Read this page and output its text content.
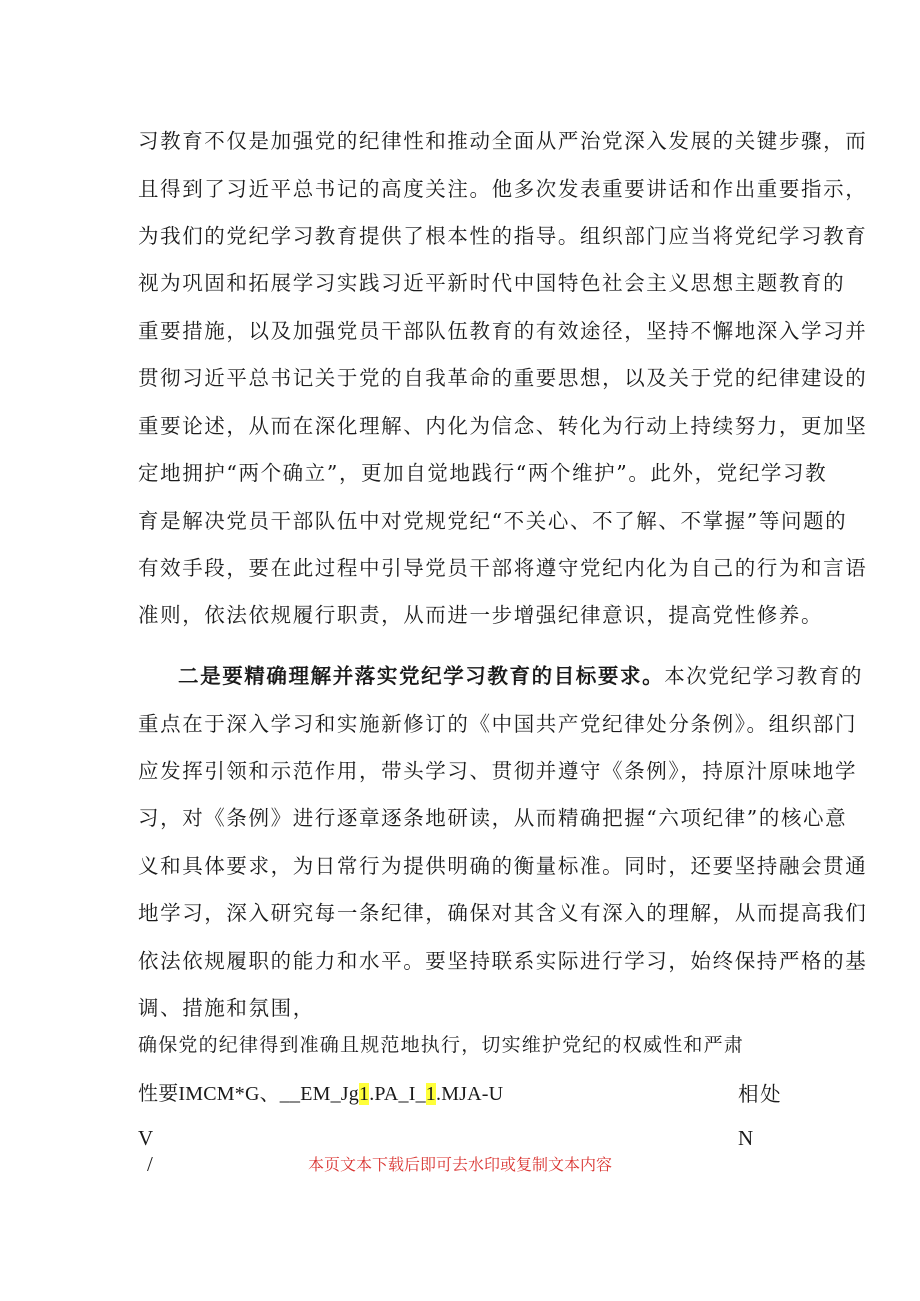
习教育不仅是加强党的纪律性和推动全面从严治党深入发展的关键步骤，而
且得到了习近平总书记的高度关注。他多次发表重要讲话和作出重要指示，
为我们的党纪学习教育提供了根本性的指导。组织部门应当将党纪学习教育
视为巩固和拓展学习实践习近平新时代中国特色社会主义思想主题教育的
重要措施，以及加强党员干部队伍教育的有效途径，坚持不懈地深入学习并
贯彻习近平总书记关于党的自我革命的重要思想，以及关于党的纪律建设的
重要论述，从而在深化理解、内化为信念、转化为行动上持续努力，更加坚
定地拥护“两个确立”，更加自觉地践行“两个维护”。此外，党纪学习教
育是解决党员干部队伍中对党规党纪“不关心、不了解、不掌握”等问题的
有效手段，要在此过程中引导党员干部将遵守党纪内化为自己的行为和言语
准则，依法依规履行职责，从而进一步增强纪律意识，提高党性修养。
二是要精确理解并落实党纪学习教育的目标要求。本次党纪学习教育的
重点在于深入学习和实施新修订的《中国共产党纪律处分条例》。组织部门
应发挥引领和示范作用，带头学习、贯彻并遵守《条例》，持原汁原味地学
习，对《条例》进行逐章逐条地研读，从而精确把握“六项纪律”的核心意
义和具体要求，为日常行为提供明确的衡量标准。同时，还要坚持融会贯通
地学习，深入研究每一条纪律，确保对其含义有深入的理解，从而提高我们
依法依规履职的能力和水平。要坚持联系实际进行学习，始终保持严格的基
调、措施和氛围，
确保党的纪律得到准确且规范地执行，切实维护党纪的权威性和严肃
性要IMCM*G、__EM_Jg1.PA_I_1.MJA-U	相处
V	N
/	本页文本下载后即可去水印或复制文本内容
